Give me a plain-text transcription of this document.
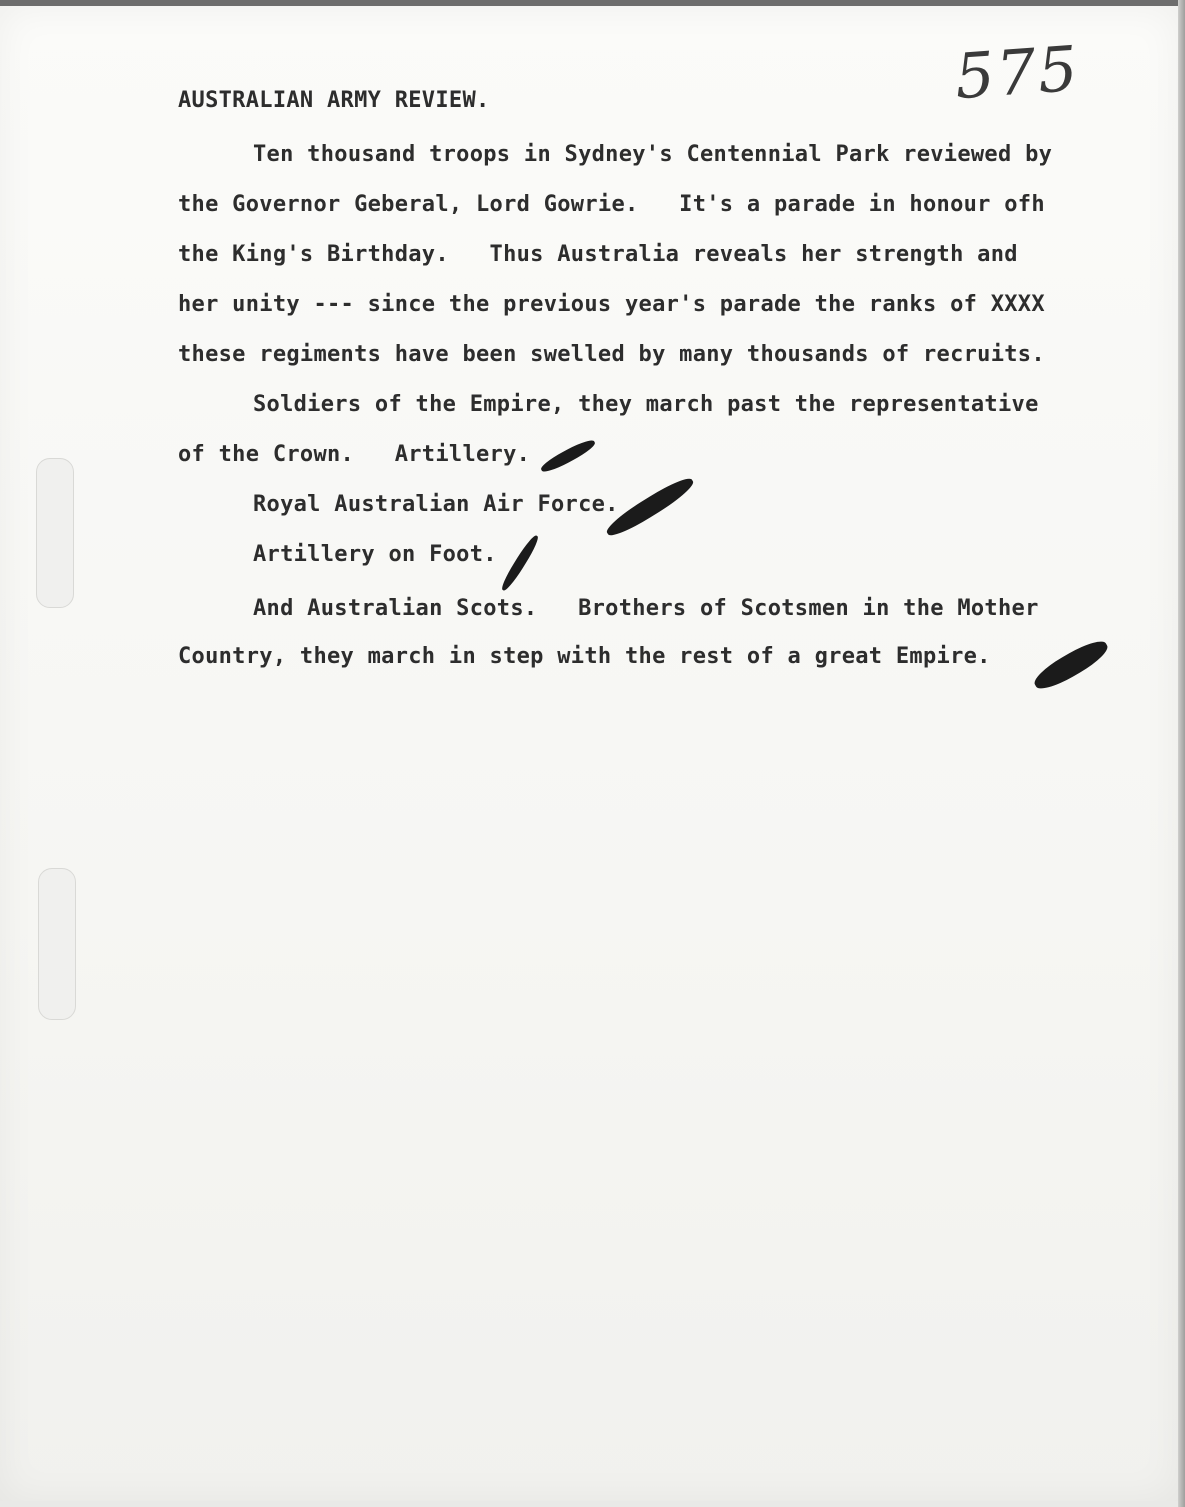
575
AUSTRALIAN ARMY REVIEW.
Ten thousand troops in Sydney's Centennial Park reviewed by
the Governor Geberal, Lord Gowrie.   It's a parade in honour ofh
the King's Birthday.   Thus Australia reveals her strength and
her unity --- since the previous year's parade the ranks of XXXX
these regiments have been swelled by many thousands of recruits.
Soldiers of the Empire, they march past the representative
of the Crown.   Artillery.
Royal Australian Air Force.
Artillery on Foot.
And Australian Scots.   Brothers of Scotsmen in the Mother
Country, they march in step with the rest of a great Empire.
